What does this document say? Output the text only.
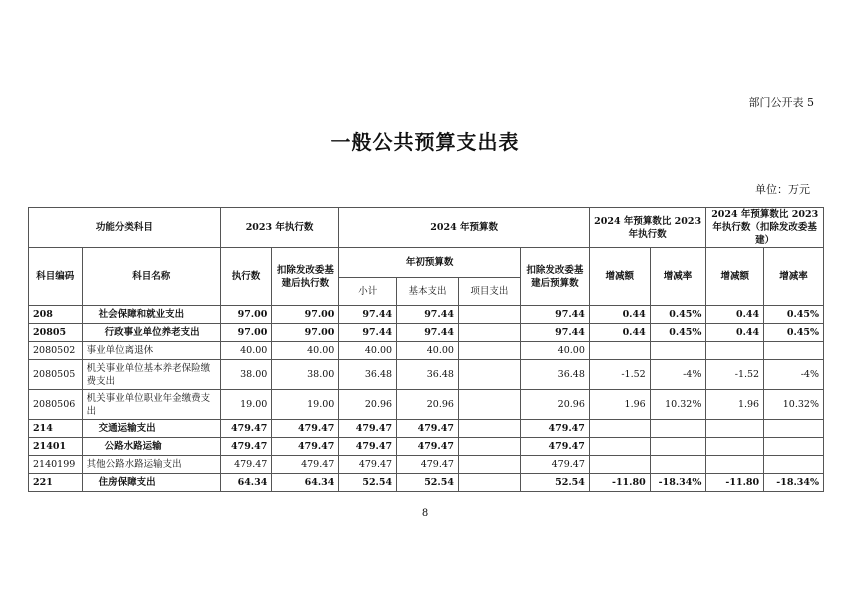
部门公开表 5
一般公共预算支出表
单位：万元
功能分类科目		2023 年执行数		2024 年预算数				2024 年预算数比 2023 年执行数		2024 年预算数比 2023 年执行数（扣除发改委基建）	
科目编码	科目名称	执行数	扣除发改委基建后执行数	年初预算数			扣除发改委基建后预算数	增减额	增减率	增减额	增减率
				小计	基本支出	项目支出					
208	社会保障和就业支出	97.00	97.00	97.44	97.44		97.44	0.44	0.45%	0.44	0.45%
20805	行政事业单位养老支出	97.00	97.00	97.44	97.44		97.44	0.44	0.45%	0.44	0.45%
2080502	事业单位离退休	40.00	40.00	40.00	40.00		40.00				
2080505	机关事业单位基本养老保险缴费支出	38.00	38.00	36.48	36.48		36.48	-1.52	-4%	-1.52	-4%
2080506	机关事业单位职业年金缴费支出	19.00	19.00	20.96	20.96		20.96	1.96	10.32%	1.96	10.32%
214	交通运输支出	479.47	479.47	479.47	479.47		479.47				
21401	公路水路运输	479.47	479.47	479.47	479.47		479.47				
2140199	其他公路水路运输支出	479.47	479.47	479.47	479.47		479.47				
221	住房保障支出	64.34	64.34	52.54	52.54		52.54	-11.80	-18.34%	-11.80	-18.34%
8
